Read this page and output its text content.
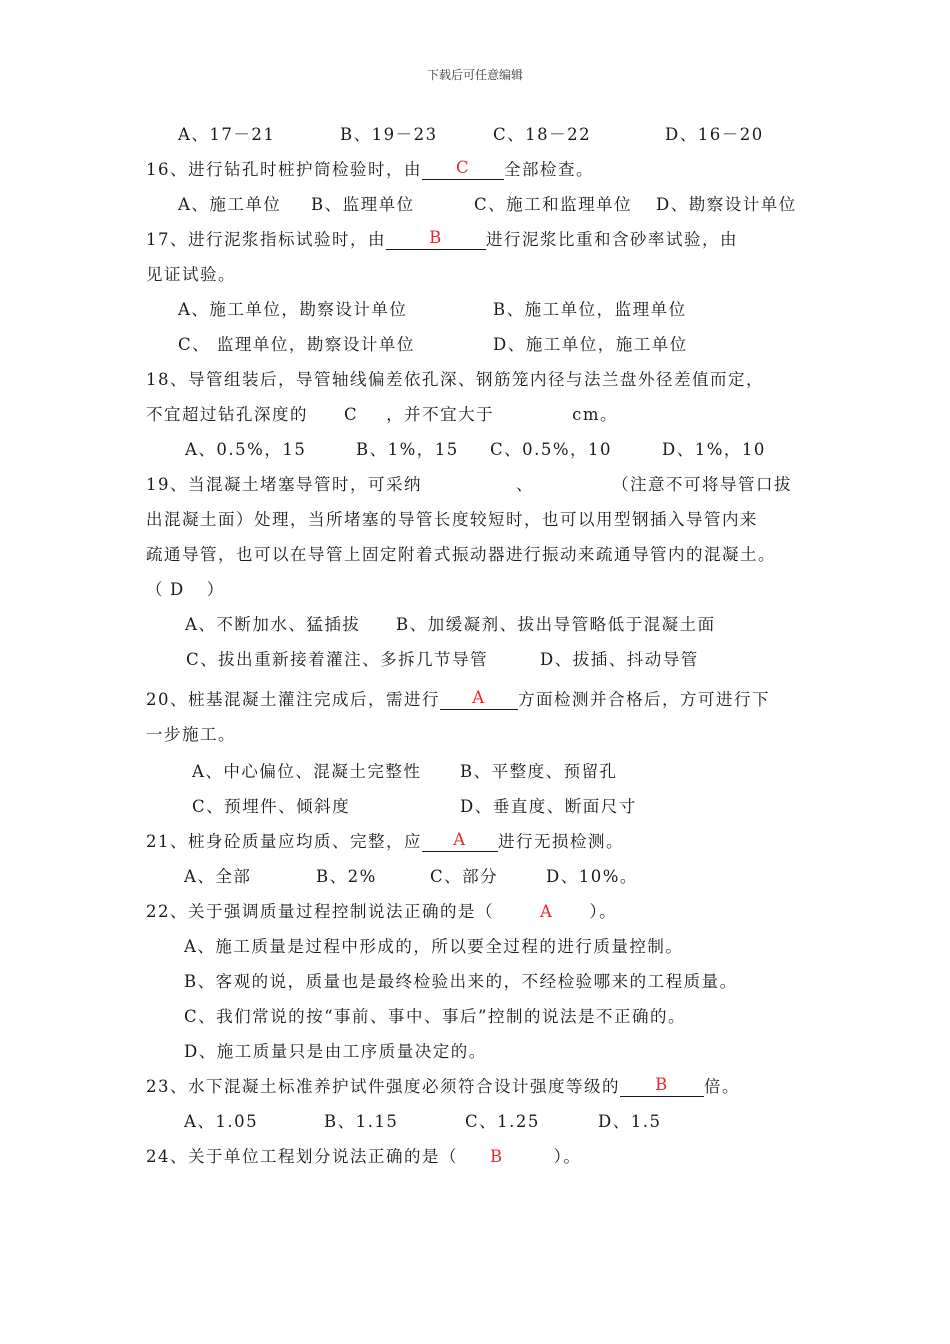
下载后可任意编辑
A、17－21	B、19－23	C、18－22	D、16－20
16、进行钻孔时桩护筒检验时，由 C 全部检查。
A、施工单位 B、监理单位	C、施工和监理单位 D、勘察设计单位
17、进行泥浆指标试验时，由	B	进行泥浆比重和含砂率试验，由
见证试验。
A、施工单位，勘察设计单位	B、施工单位，监理单位
C、 监理单位，勘察设计单位	D、施工单位，施工单位
18、导管组装后，导管轴线偏差依孔深、钢筋笼内径与法兰盘外径差值而定，
不宜超过钻孔深度的 C ，并不宜大于	cm。
A、0.5%，15	B、1%，15 C、0.5%，10	D、1%，10
19、当混凝土堵塞导管时，可采纳	、	（注意不可将导管口拔
出混凝土面）处理，当所堵塞的导管长度较短时，也可以用型钢插入导管内来
疏通导管，也可以在导管上固定附着式振动器进行振动来疏通导管内的混凝土。
（ D ）
A、不断加水、猛插拔 B、加缓凝剂、拔出导管略低于混凝土面
C、拔出重新接着灌注、多拆几节导管	D、拔插、抖动导管
20、桩基混凝土灌注完成后，需进行 A 方面检测并合格后，方可进行下
一步施工。
A、中心偏位、混凝土完整性 B、平整度、预留孔
C、预埋件、倾斜度	D、垂直度、断面尺寸
21、桩身砼质量应均质、完整，应 A 进行无损检测。
A、全部	B、2%	C、部分	D、10%。
22、关于强调质量过程控制说法正确的是（	A ）。
A、施工质量是过程中形成的，所以要全过程的进行质量控制。
B、客观的说，质量也是最终检验出来的，不经检验哪来的工程质量。
C、我们常说的按“事前、事中、事后”控制的说法是不正确的。
D、施工质量只是由工序质量决定的。
23、水下混凝土标准养护试件强度必须符合设计强度等级的 B 倍。
A、1.05	B、1.15	C、1.25	D、1.5
24、关于单位工程划分说法正确的是（ B	）。
